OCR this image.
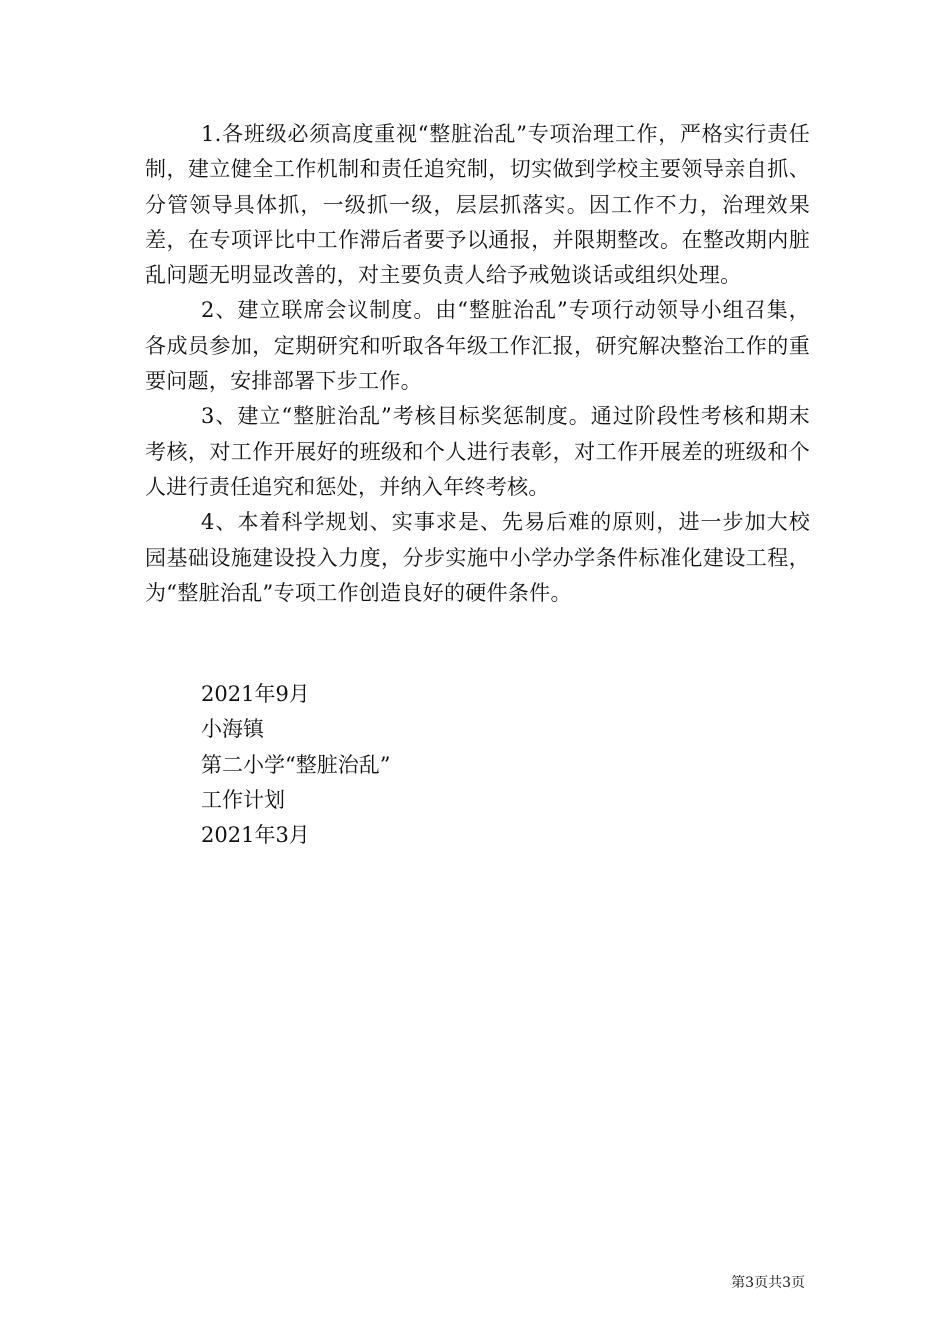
1.各班级必须高度重视“整脏治乱”专项治理工作，严格实行责任制，建立健全工作机制和责任追究制，切实做到学校主要领导亲自抓、分管领导具体抓，一级抓一级，层层抓落实。因工作不力，治理效果差，在专项评比中工作滞后者要予以通报，并限期整改。在整改期内脏乱问题无明显改善的，对主要负责人给予戒勉谈话或组织处理。

2、建立联席会议制度。由“整脏治乱”专项行动领导小组召集，各成员参加，定期研究和听取各年级工作汇报，研究解决整治工作的重要问题，安排部署下步工作。

3、建立“整脏治乱”考核目标奖惩制度。通过阶段性考核和期末考核，对工作开展好的班级和个人进行表彰，对工作开展差的班级和个人进行责任追究和惩处，并纳入年终考核。

4、本着科学规划、实事求是、先易后难的原则，进一步加大校园基础设施建设投入力度，分步实施中小学办学条件标准化建设工程，为“整脏治乱”专项工作创造良好的硬件条件。

2021年9月
小海镇
第二小学“整脏治乱”
工作计划
2021年3月
第3页共3页
